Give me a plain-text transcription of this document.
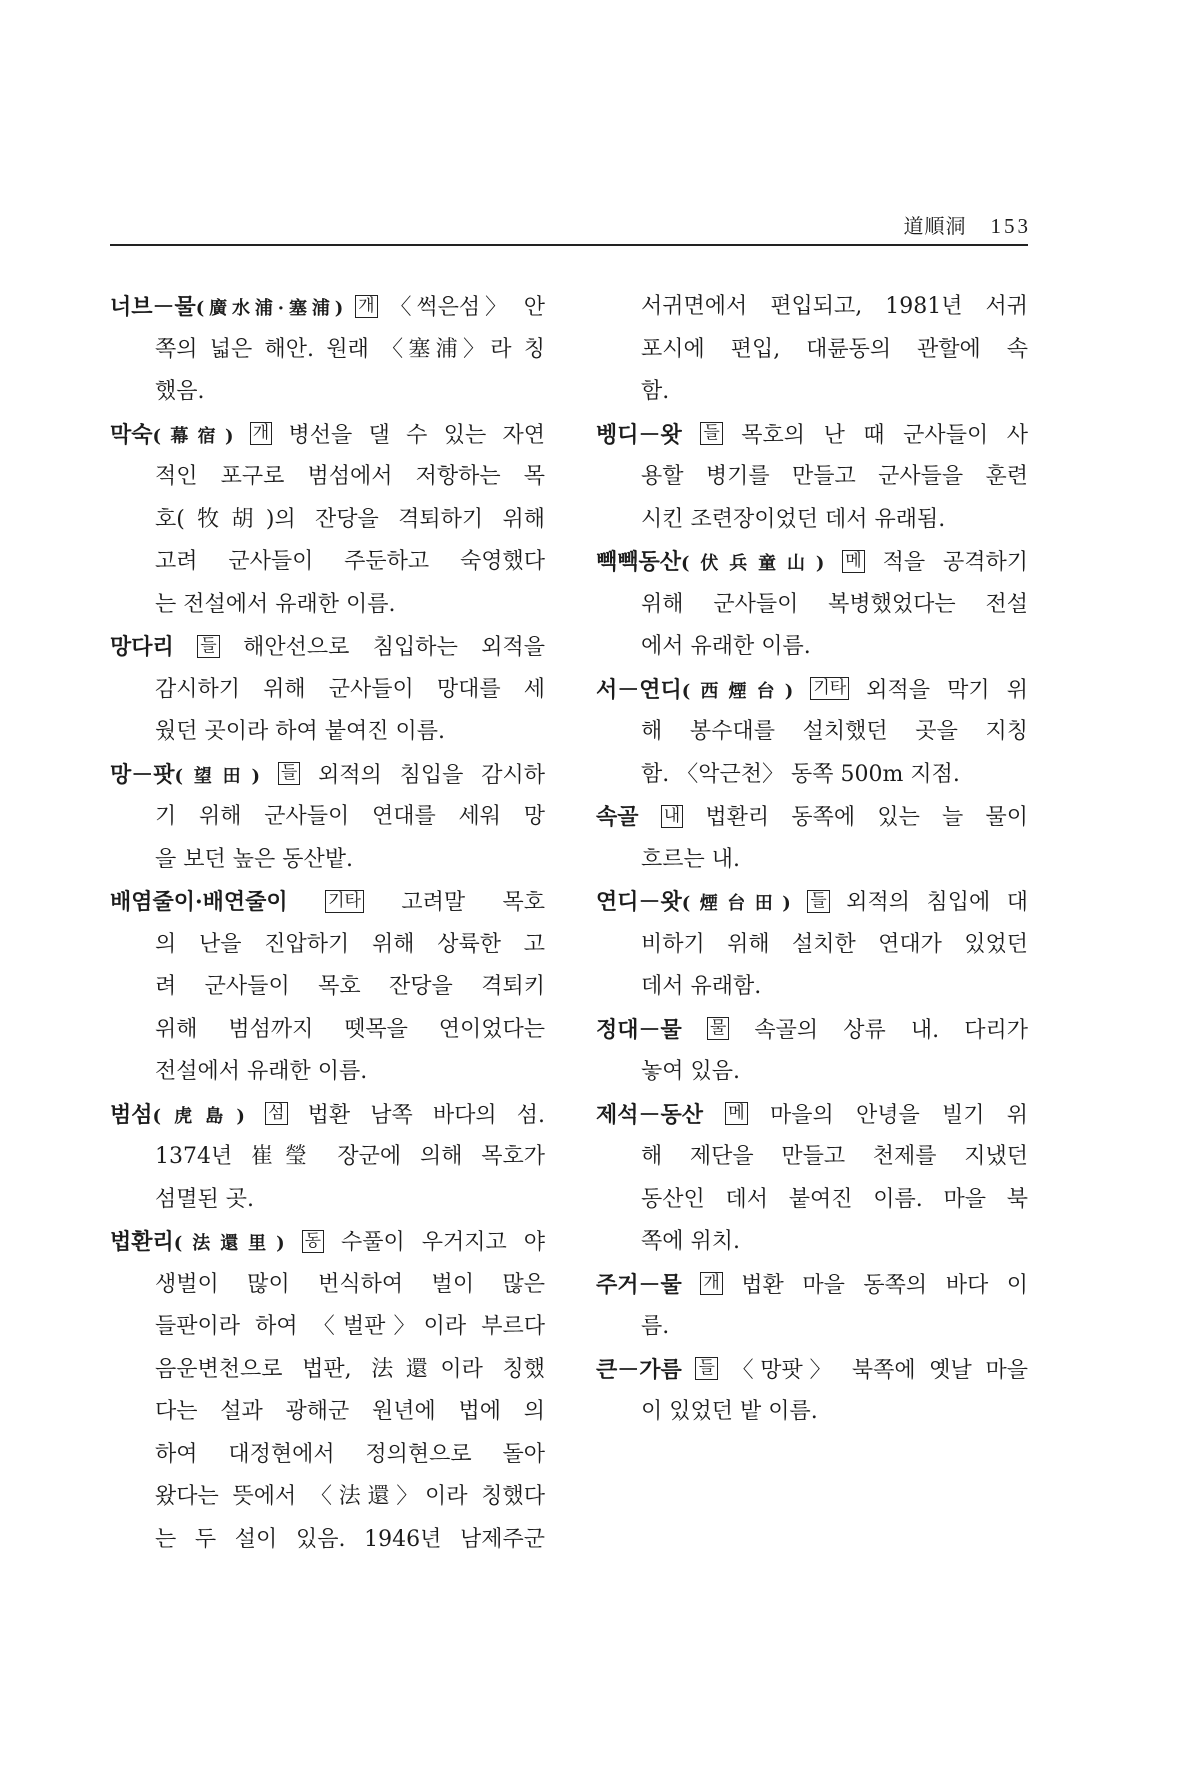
道順洞 153
너브－물(廣水浦·塞浦) 개 〈썩은섬〉 안
쪽의 넓은 해안. 원래 〈塞浦〉라 칭
했음.
막숙(幕宿) 개 병선을 댈 수 있는 자연
적인 포구로 범섬에서 저항하는 목
호(牧胡)의 잔당을 격퇴하기 위해
고려 군사들이 주둔하고 숙영했다
는 전설에서 유래한 이름.
망다리 들 해안선으로 침입하는 외적을
감시하기 위해 군사들이 망대를 세
웠던 곳이라 하여 붙여진 이름.
망－팟(望田) 들 외적의 침입을 감시하
기 위해 군사들이 연대를 세워 망
을 보던 높은 동산밭.
배염줄이·배연줄이 기타 고려말 목호
의 난을 진압하기 위해 상륙한 고
려 군사들이 목호 잔당을 격퇴키
위해 범섬까지 뗏목을 연이었다는
전설에서 유래한 이름.
범섬(虎島) 섬 법환 남쪽 바다의 섬.
1374년 崔瑩 장군에 의해 목호가
섬멸된 곳.
법환리(法還里) 동 수풀이 우거지고 야
생벌이 많이 번식하여 벌이 많은
들판이라 하여 〈벌판〉이라 부르다
음운변천으로 법판, 法還이라 칭했
다는 설과 광해군 원년에 법에 의
하여 대정현에서 정의현으로 돌아
왔다는 뜻에서 〈法還〉이라 칭했다
는 두 설이 있음. 1946년 남제주군
서귀면에서 편입되고, 1981년 서귀
포시에 편입, 대륜동의 관할에 속
함.
벵디－왓 들 목호의 난 때 군사들이 사
용할 병기를 만들고 군사들을 훈련
시킨 조련장이었던 데서 유래됨.
빽빽동산(伏兵童山) 메 적을 공격하기
위해 군사들이 복병했었다는 전설
에서 유래한 이름.
서－연디(西煙台) 기타 외적을 막기 위
해 봉수대를 설치했던 곳을 지칭
함. 〈악근천〉 동쪽 500m 지점.
속골 내 법환리 동쪽에 있는 늘 물이
흐르는 내.
연디－왓(煙台田) 들 외적의 침입에 대
비하기 위해 설치한 연대가 있었던
데서 유래함.
정대－물 물 속골의 상류 내. 다리가
놓여 있음.
제석－동산 메 마을의 안녕을 빌기 위
해 제단을 만들고 천제를 지냈던
동산인 데서 붙여진 이름. 마을 북
쪽에 위치.
주거－물 개 법환 마을 동쪽의 바다 이
름.
큰－가름 들 〈망팟〉 북쪽에 옛날 마을
이 있었던 밭 이름.
